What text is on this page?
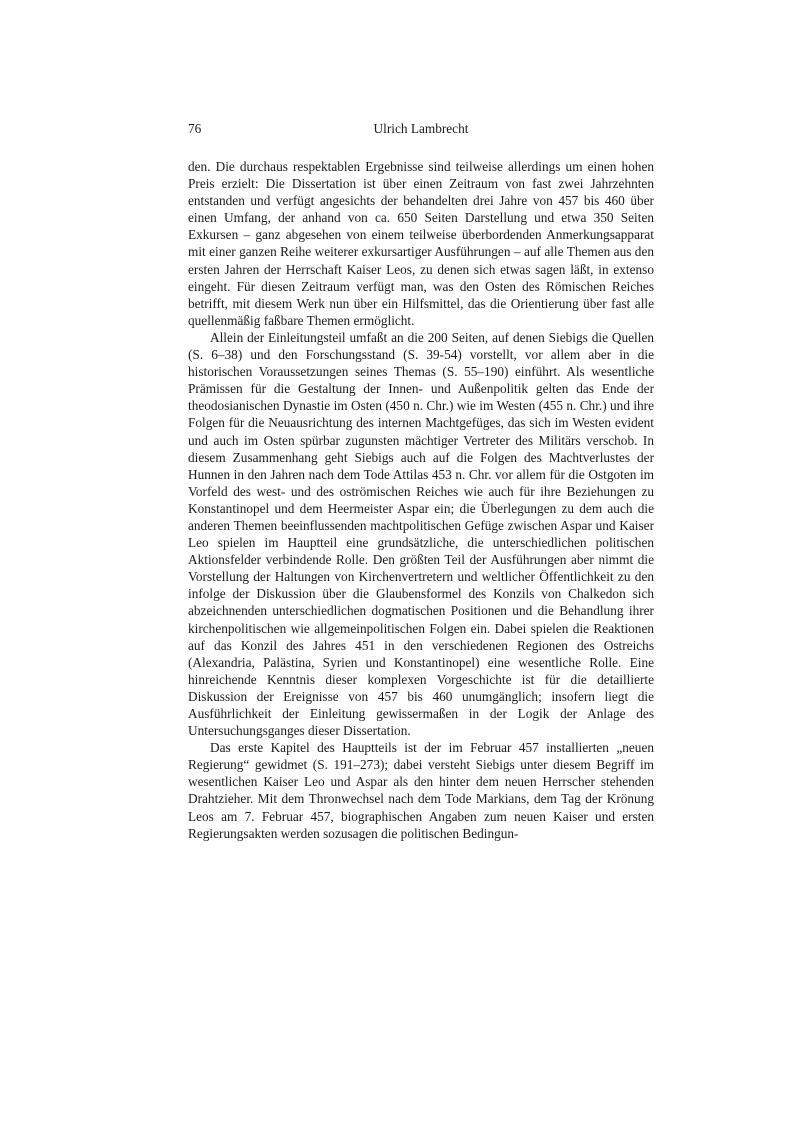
76	Ulrich Lambrecht

den. Die durchaus respektablen Ergebnisse sind teilweise allerdings um einen hohen Preis erzielt: Die Dissertation ist über einen Zeitraum von fast zwei Jahrzehnten entstanden und verfügt angesichts der behandelten drei Jahre von 457 bis 460 über einen Umfang, der anhand von ca. 650 Seiten Darstellung und etwa 350 Seiten Exkursen – ganz abgesehen von einem teilweise überbordenden Anmerkungsapparat mit einer ganzen Reihe weiterer exkursartiger Ausführungen – auf alle Themen aus den ersten Jahren der Herrschaft Kaiser Leos, zu denen sich etwas sagen läßt, in extenso eingeht. Für diesen Zeitraum verfügt man, was den Osten des Römischen Reiches betrifft, mit diesem Werk nun über ein Hilfsmittel, das die Orientierung über fast alle quellenmäßig faßbare Themen ermöglicht.

Allein der Einleitungsteil umfaßt an die 200 Seiten, auf denen Siebigs die Quellen (S. 6–38) und den Forschungsstand (S. 39-54) vorstellt, vor allem aber in die historischen Voraussetzungen seines Themas (S. 55–190) einführt. Als wesentliche Prämissen für die Gestaltung der Innen- und Außenpolitik gelten das Ende der theodosianischen Dynastie im Osten (450 n. Chr.) wie im Westen (455 n. Chr.) und ihre Folgen für die Neuausrichtung des internen Machtgefüges, das sich im Westen evident und auch im Osten spürbar zugunsten mächtiger Vertreter des Militärs verschob. In diesem Zusammenhang geht Siebigs auch auf die Folgen des Machtverlustes der Hunnen in den Jahren nach dem Tode Attilas 453 n. Chr. vor allem für die Ostgoten im Vorfeld des west- und des oströmischen Reiches wie auch für ihre Beziehungen zu Konstantinopel und dem Heermeister Aspar ein; die Überlegungen zu dem auch die anderen Themen beeinflussenden machtpolitischen Gefüge zwischen Aspar und Kaiser Leo spielen im Hauptteil eine grundsätzliche, die unterschiedlichen politischen Aktionsfelder verbindende Rolle. Den größten Teil der Ausführungen aber nimmt die Vorstellung der Haltungen von Kirchenvertretern und weltlicher Öffentlichkeit zu den infolge der Diskussion über die Glaubensformel des Konzils von Chalkedon sich abzeichnenden unterschiedlichen dogmatischen Positionen und die Behandlung ihrer kirchenpolitischen wie allgemeinpolitischen Folgen ein. Dabei spielen die Reaktionen auf das Konzil des Jahres 451 in den verschiedenen Regionen des Ostreichs (Alexandria, Palästina, Syrien und Konstantinopel) eine wesentliche Rolle. Eine hinreichende Kenntnis dieser komplexen Vorgeschichte ist für die detaillierte Diskussion der Ereignisse von 457 bis 460 unumgänglich; insofern liegt die Ausführlichkeit der Einleitung gewissermaßen in der Logik der Anlage des Untersuchungsganges dieser Dissertation.

Das erste Kapitel des Hauptteils ist der im Februar 457 installierten „neuen Regierung“ gewidmet (S. 191–273); dabei versteht Siebigs unter diesem Begriff im wesentlichen Kaiser Leo und Aspar als den hinter dem neuen Herrscher stehenden Drahtzieher. Mit dem Thronwechsel nach dem Tode Markians, dem Tag der Krönung Leos am 7. Februar 457, biographischen Angaben zum neuen Kaiser und ersten Regierungsakten werden sozusagen die politischen Bedingun-
